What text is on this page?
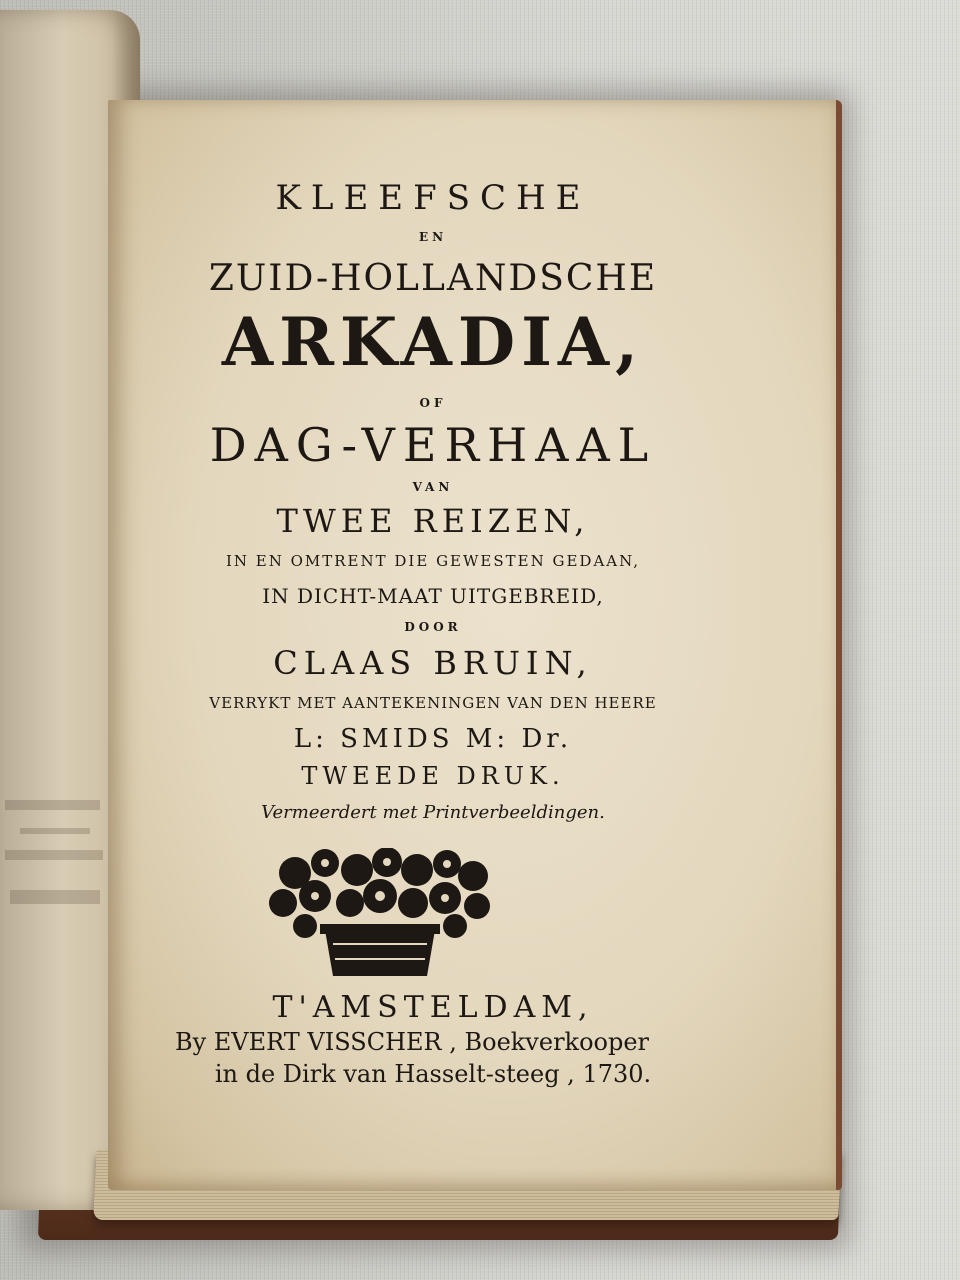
KLEEFSCHE
EN
ZUID-HOLLANDSCHE
ARKADIA,
OF
DAG-VERHAAL
VAN
TWEE REIZEN,
IN EN OMTRENT DIE GEWESTEN GEDAAN,
IN DICHT-MAAT UITGEBREID,
DOOR
CLAAS BRUIN,
VERRYKT MET AANTEKENINGEN VAN DEN HEERE
L: SMIDS M: Dr.
TWEEDE DRUK.
Vermeerdert met Printverbeeldingen.
T'AMSTELDAM,
By EVERT VISSCHER , Boekverkooper
in de Dirk van Hasselt-steeg , 1730.
